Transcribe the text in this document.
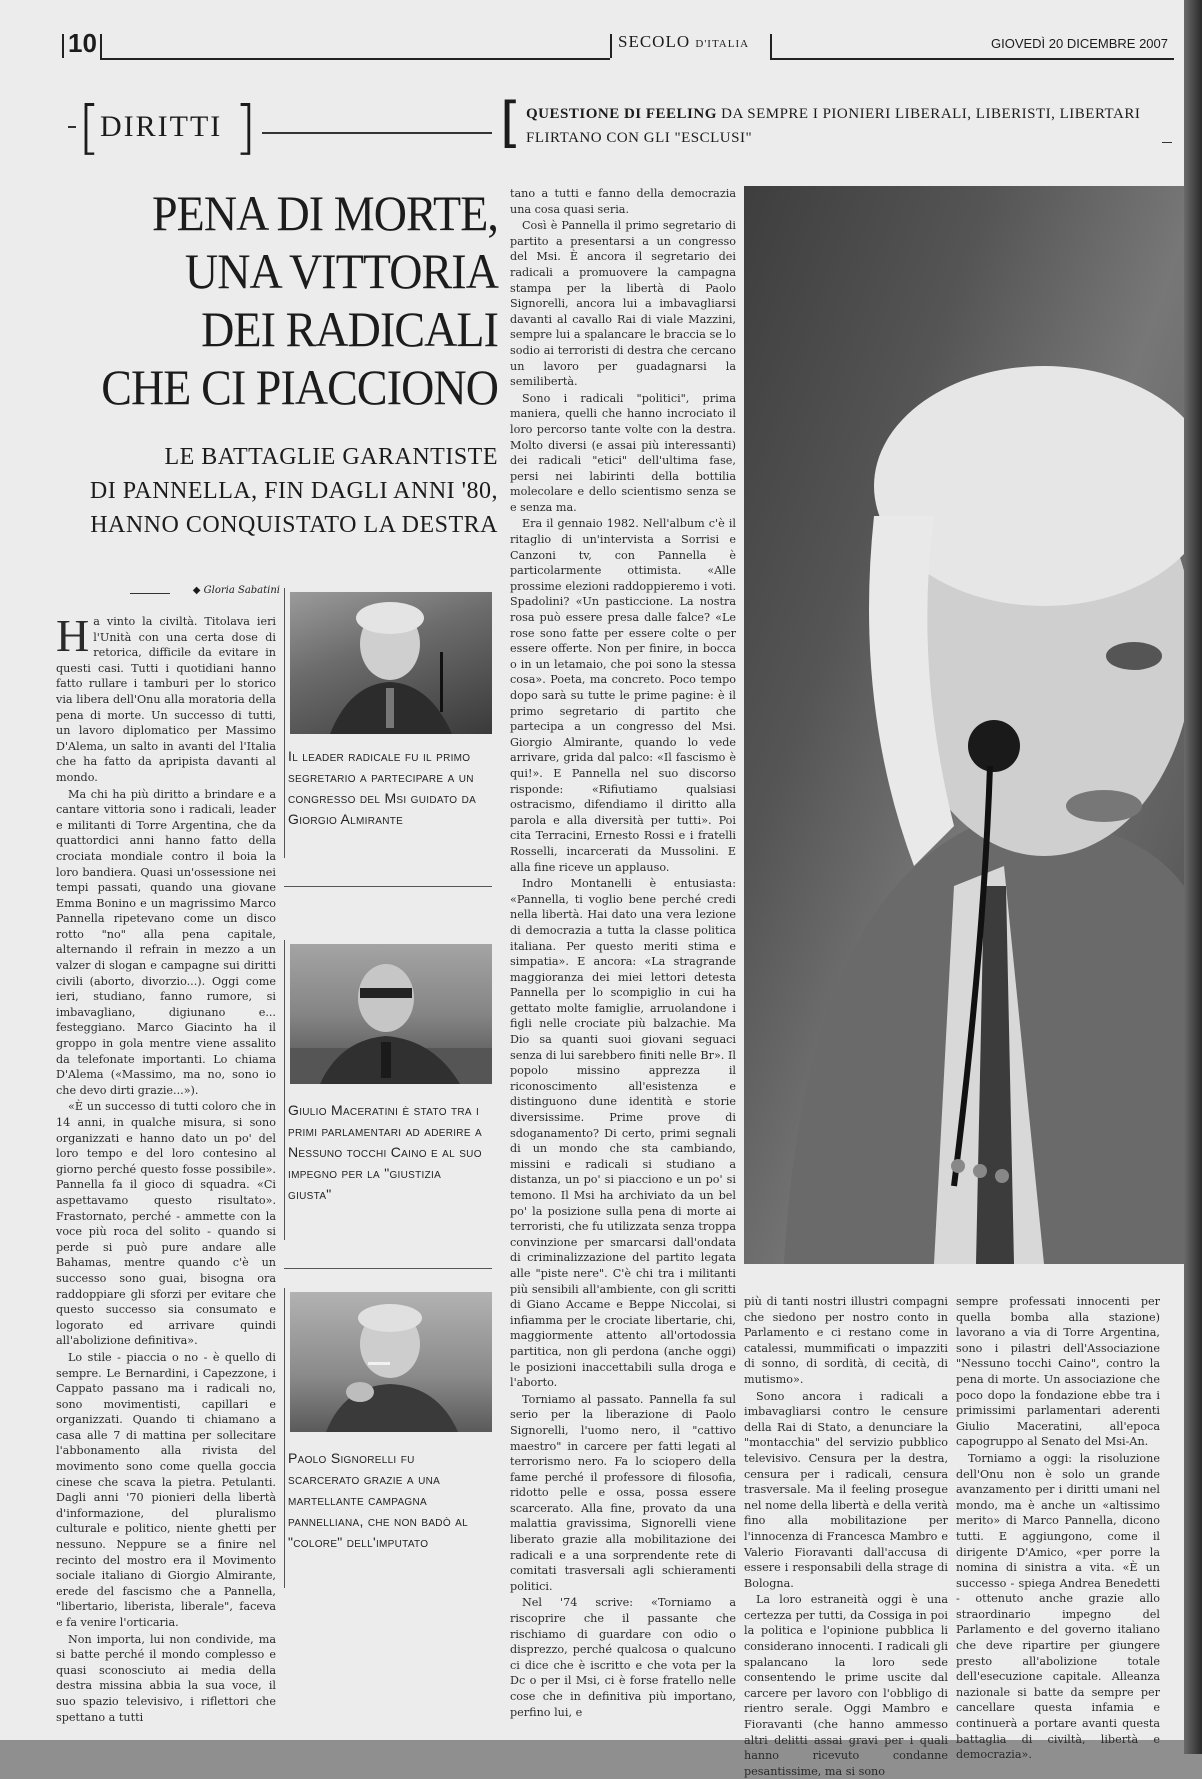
10	SECOLO D'ITALIA	GIOVEDÌ 20 DICEMBRE 2007
[ DIRITTI ]	[ QUESTIONE DI FEELING DA SEMPRE I PIONIERI LIBERALI, LIBERISTI, LIBERTARI FLIRTANO CON GLI "ESCLUSI"
PENA DI MORTE,
UNA VITTORIA
DEI RADICALI
CHE CI PIACCIONO
LE BATTAGLIE GARANTISTE
DI PANNELLA, FIN DAGLI ANNI '80,
HANNO CONQUISTATO LA DESTRA
◆ Gloria Sabatini
H a vinto la civiltà. Titolava ieri l'Unità con una certa dose di retorica, difficile da evitare in questi casi. Tutti i quotidiani hanno fatto rullare i tamburi per lo storico via libera dell'Onu alla moratoria della pena di morte. Un successo di tutti, un lavoro diplomatico per Massimo D'Alema, un salto in avanti del l'Italia che ha fatto da apripista davanti al mondo.

Ma chi ha più diritto a brindare e a cantare vittoria sono i radicali, leader e militanti di Torre Argentina, che da quattordici anni hanno fatto della crociata mondiale contro il boia la loro bandiera. Quasi un'ossessione nei tempi passati, quando una giovane Emma Bonino e un magrissimo Marco Pannella ripetevano come un disco rotto "no" alla pena capitale, alternando il refrain in mezzo a un valzer di slogan e campagne sui diritti civili (aborto, divorzio...). Oggi come ieri, studiano, fanno rumore, si imbavagliano, digiunano e... festeggiano. Marco Giacinto ha il groppo in gola mentre viene assalito da telefonate importanti. Lo chiama D'Alema («Massimo, ma no, sono io che devo dirti grazie...»).

«È un successo di tutti coloro che in 14 anni, in qualche misura, si sono organizzati e hanno dato un po' del loro tempo e del loro contesino al giorno perché questo fosse possibile». Pannella fa il gioco di squadra. «Ci aspettavamo questo risultato». Frastornato, perché - ammette con la voce più roca del solito - quando si perde si può pure andare alle Bahamas, mentre quando c'è un successo sono guai, bisogna ora raddoppiare gli sforzi per evitare che questo successo sia consumato e logorato ed arrivare quindi all'abolizione definitiva».

Lo stile - piaccia o no - è quello di sempre. Le Bernardini, i Capezzone, i Cappato passano ma i radicali no, sono movimentisti, capillari e organizzati. Quando ti chiamano a casa alle 7 di mattina per sollecitare l'abbonamento alla rivista del movimento sono come quella goccia cinese che scava la pietra. Petulanti. Dagli anni '70 pionieri della libertà d'informazione, del pluralismo culturale e politico, niente ghetti per nessuno. Neppure se a finire nel recinto del mostro era il Movimento sociale italiano di Giorgio Almirante, erede del fascismo che a Pannella, "libertario, liberista, liberale", faceva e fa venire l'orticaria.

Non importa, lui non condivide, ma si batte perché il mondo complesso e quasi sconosciuto ai media della destra missina abbia la sua voce, il suo spazio televisivo, i riflettori che spettano a tutti

Il leader radicale fu il primo segretario a partecipare a un congresso del Msi guidato da Giorgio Almirante
Giulio Maceratini è stato tra i primi parlamentari ad aderire a Nessuno tocchi Caino e al suo impegno per la "giustizia giusta"
Paolo Signorelli fu scarcerato grazie a una martellante campagna pannelliana, che non badò al "colore" dell'imputato

tano a tutti e fanno della democrazia una cosa quasi seria.

Così è Pannella il primo segretario di partito a presentarsi a un congresso del Msi. È ancora il segretario dei radicali a promuovere la campagna stampa per la libertà di Paolo Signorelli, ancora lui a imbavagliarsi davanti al cavallo Rai di viale Mazzini, sempre lui a spalancare le braccia se lo sodio ai terroristi di destra che cercano un lavoro per guadagnarsi la semilibertà.

Sono i radicali "politici", prima maniera, quelli che hanno incrociato il loro percorso tante volte con la destra. Molto diversi (e assai più interessanti) dei radicali "etici" dell'ultima fase, persi nei labirinti della bottilia molecolare e dello scientismo senza se e senza ma.

Era il gennaio 1982. Nell'album c'è il ritaglio di un'intervista a Sorrisi e Canzoni tv, con Pannella è particolarmente ottimista. «Alle prossime elezioni raddoppieremo i voti. Spadolini? «Un pasticcione. La nostra rosa può essere presa dalle falce? «Le rose sono fatte per essere colte o per essere offerte. Non per finire, in bocca o in un letamaio, che poi sono la stessa cosa». Poeta, ma concreto. Poco tempo dopo sarà su tutte le prime pagine: è il primo segretario di partito che partecipa a un congresso del Msi. Giorgio Almirante, quando lo vede arrivare, grida dal palco: «Il fascismo è qui!». E Pannella nel suo discorso risponde: «Rifiutiamo qualsiasi ostracismo, difendiamo il diritto alla parola e alla diversità per tutti». Poi cita Terracini, Ernesto Rossi e i fratelli Rosselli, incarcerati da Mussolini. E alla fine riceve un applauso.

Indro Montanelli è entusiasta: «Pannella, ti voglio bene perché credi nella libertà. Hai dato una vera lezione di democrazia a tutta la classe politica italiana. Per questo meriti stima e simpatia». E ancora: «La stragrande maggioranza dei miei lettori detesta Pannella per lo scompiglio in cui ha gettato molte famiglie, arruolandone i figli nelle crociate più balzachie. Ma Dio sa quanti suoi giovani seguaci senza di lui sarebbero finiti nelle Br». Il popolo missino apprezza il riconoscimento all'esistenza e distinguono dune identità e storie diversissime. Prime prove di sdoganamento? Di certo, primi segnali di un mondo che sta cambiando, missini e radicali si studiano a distanza, un po' si piacciono e un po' si temono. Il Msi ha archiviato da un bel po' la posizione sulla pena di morte ai terroristi, che fu utilizzata senza troppa convinzione per smarcarsi dall'ondata di criminalizzazione del partito legata alle "piste nere". C'è chi tra i militanti più sensibili all'ambiente, con gli scritti di Giano Accame e Beppe Niccolai, si infiamma per le crociate libertarie, chi, maggiormente attento all'ortodossia partitica, non gli perdona (anche oggi) le posizioni inaccettabili sulla droga e l'aborto.

Torniamo al passato. Pannella fa sul serio per la liberazione di Paolo Signorelli, l'uomo nero, il "cattivo maestro" in carcere per fatti legati al terrorismo nero. Fa lo sciopero della fame perché il professore di filosofia, ridotto pelle e ossa, possa essere scarcerato. Alla fine, provato da una malattia gravissima, Signorelli viene liberato grazie alla mobilitazione dei radicali e a una sorprendente rete di comitati trasversali agli schieramenti politici.

Nel '74 scrive: «Torniamo a riscoprire che il passante che rischiamo di guardare con odio o disprezzo, perché qualcosa o qualcuno ci dice che è iscritto e che vota per la Dc o per il Msi, ci è forse fratello nelle cose che in definitiva più importano, perfino lui, e

più di tanti nostri illustri compagni che siedono per nostro conto in Parlamento e ci restano come in catalessi, mummificati o impazziti di sonno, di sordità, di cecità, di mutismo».

Sono ancora i radicali a imbavagliarsi contro le censure della Rai di Stato, a denunciare la "montacchia" del servizio pubblico televisivo. Censura per la destra, censura per i radicali, censura trasversale. Ma il feeling prosegue nel nome della libertà e della verità fino alla mobilitazione per l'innocenza di Francesca Mambro e Valerio Fioravanti dall'accusa di essere i responsabili della strage di Bologna.

La loro estraneità oggi è una certezza per tutti, da Cossiga in poi la politica e l'opinione pubblica li considerano innocenti. I radicali gli spalancano la loro sede consentendo le prime uscite dal carcere per lavoro con l'obbligo di rientro serale. Oggi Mambro e Fioravanti (che hanno ammesso altri delitti assai gravi per i quali hanno ricevuto condanne pesantissime, ma si sono

sempre professati innocenti per quella bomba alla stazione) lavorano a via di Torre Argentina, sono i pilastri dell'Associazione "Nessuno tocchi Caino", contro la pena di morte. Un associazione che poco dopo la fondazione ebbe tra i primissimi parlamentari aderenti Giulio Maceratini, all'epoca capogruppo al Senato del Msi-An.

Torniamo a oggi: la risoluzione dell'Onu non è solo un grande avanzamento per i diritti umani nel mondo, ma è anche un «altissimo merito» di Marco Pannella, dicono tutti. E aggiungono, come il dirigente D'Amico, «per porre la nomina di sinistra a vita. «È un successo - spiega Andrea Benedetti - ottenuto anche grazie allo straordinario impegno del Parlamento e del governo italiano che deve ripartire per giungere presto all'abolizione totale dell'esecuzione capitale. Alleanza nazionale si batte da sempre per cancellare questa infamia e continuerà a portare avanti questa battaglia di civiltà, libertà e democrazia».
